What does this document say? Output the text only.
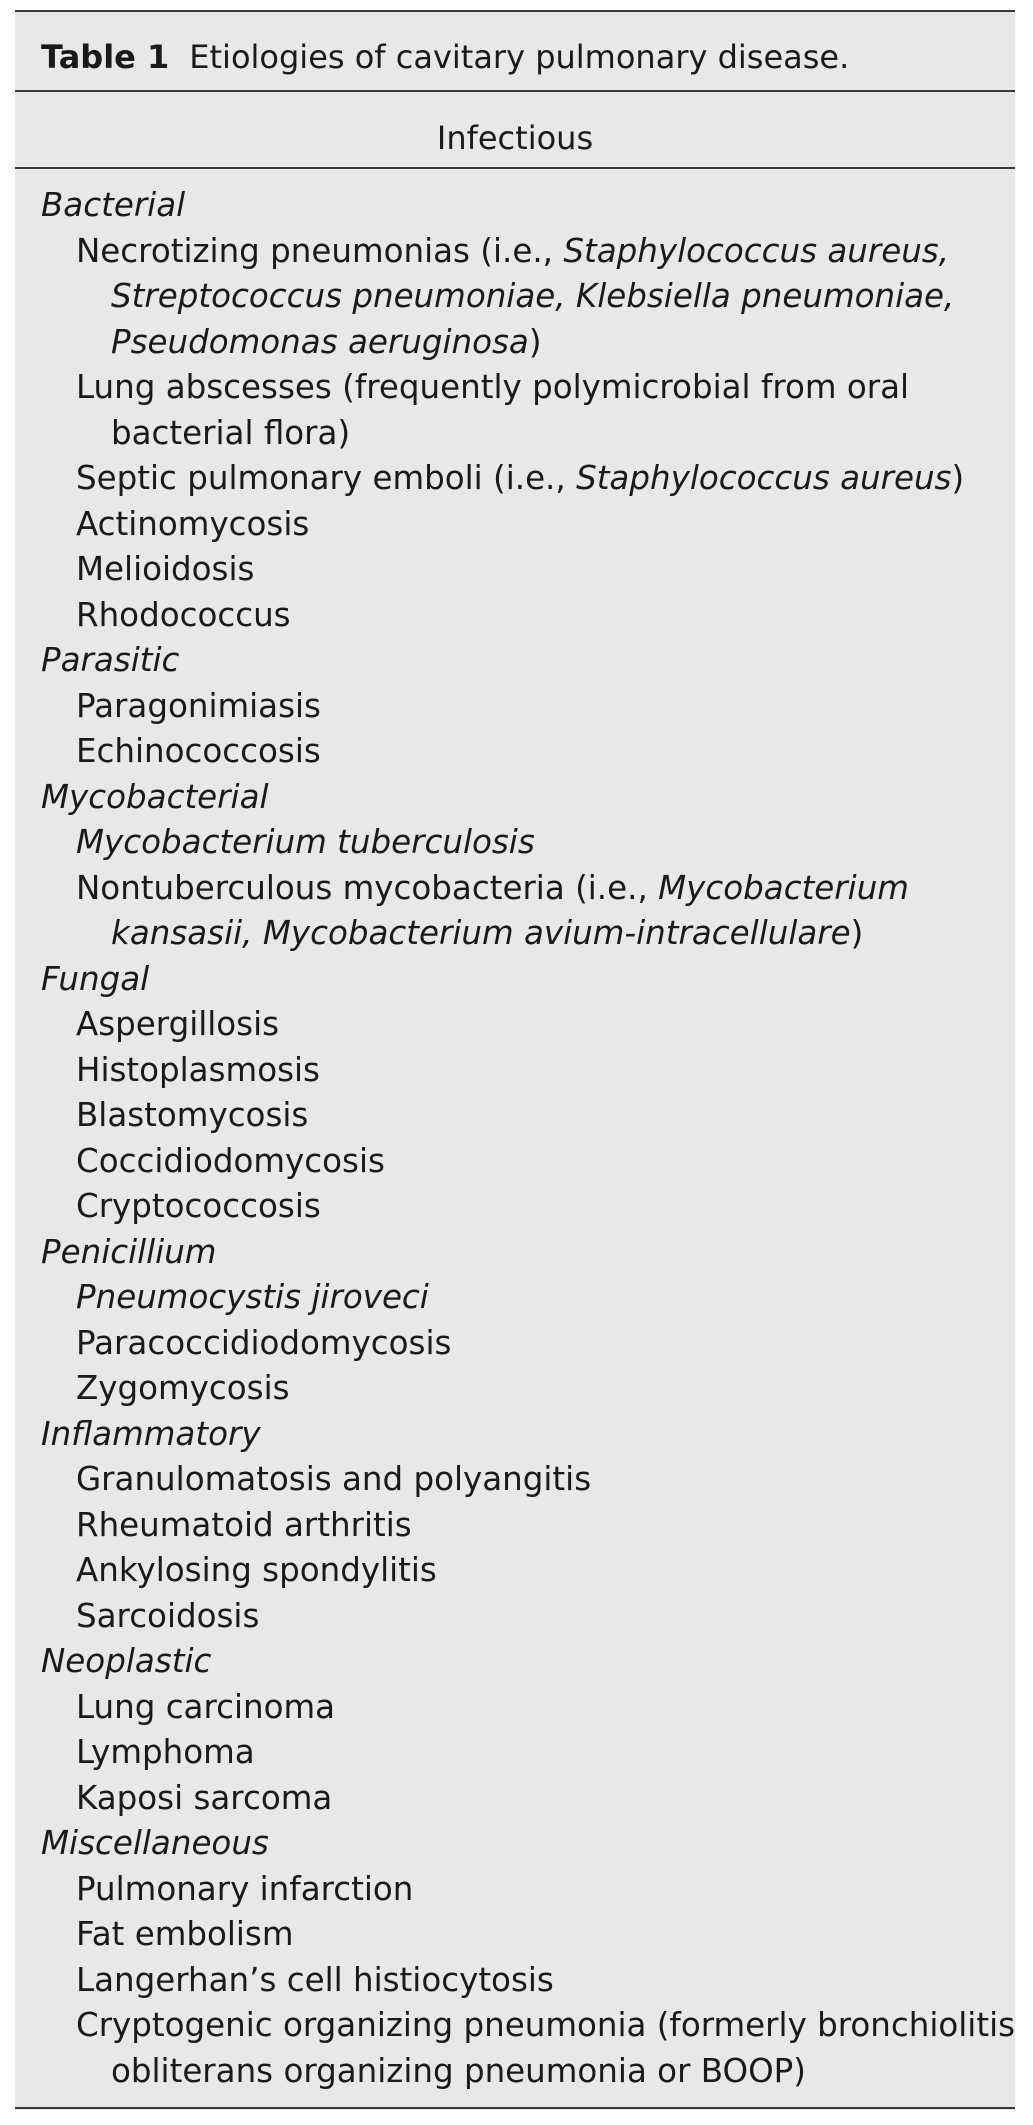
Table 1 Etiologies of cavitary pulmonary disease.
Infectious
Bacterial
Necrotizing pneumonias (i.e., Staphylococcus aureus,
Streptococcus pneumoniae, Klebsiella pneumoniae,
Pseudomonas aeruginosa)
Lung abscesses (frequently polymicrobial from oral
bacterial flora)
Septic pulmonary emboli (i.e., Staphylococcus aureus)
Actinomycosis
Melioidosis
Rhodococcus
Parasitic
Paragonimiasis
Echinococcosis
Mycobacterial
Mycobacterium tuberculosis
Nontuberculous mycobacteria (i.e., Mycobacterium
kansasii, Mycobacterium avium-intracellulare)
Fungal
Aspergillosis
Histoplasmosis
Blastomycosis
Coccidiodomycosis
Cryptococcosis
Penicillium
Pneumocystis jiroveci
Paracoccidiodomycosis
Zygomycosis
Inflammatory
Granulomatosis and polyangitis
Rheumatoid arthritis
Ankylosing spondylitis
Sarcoidosis
Neoplastic
Lung carcinoma
Lymphoma
Kaposi sarcoma
Miscellaneous
Pulmonary infarction
Fat embolism
Langerhan’s cell histiocytosis
Cryptogenic organizing pneumonia (formerly bronchiolitis
obliterans organizing pneumonia or BOOP)
